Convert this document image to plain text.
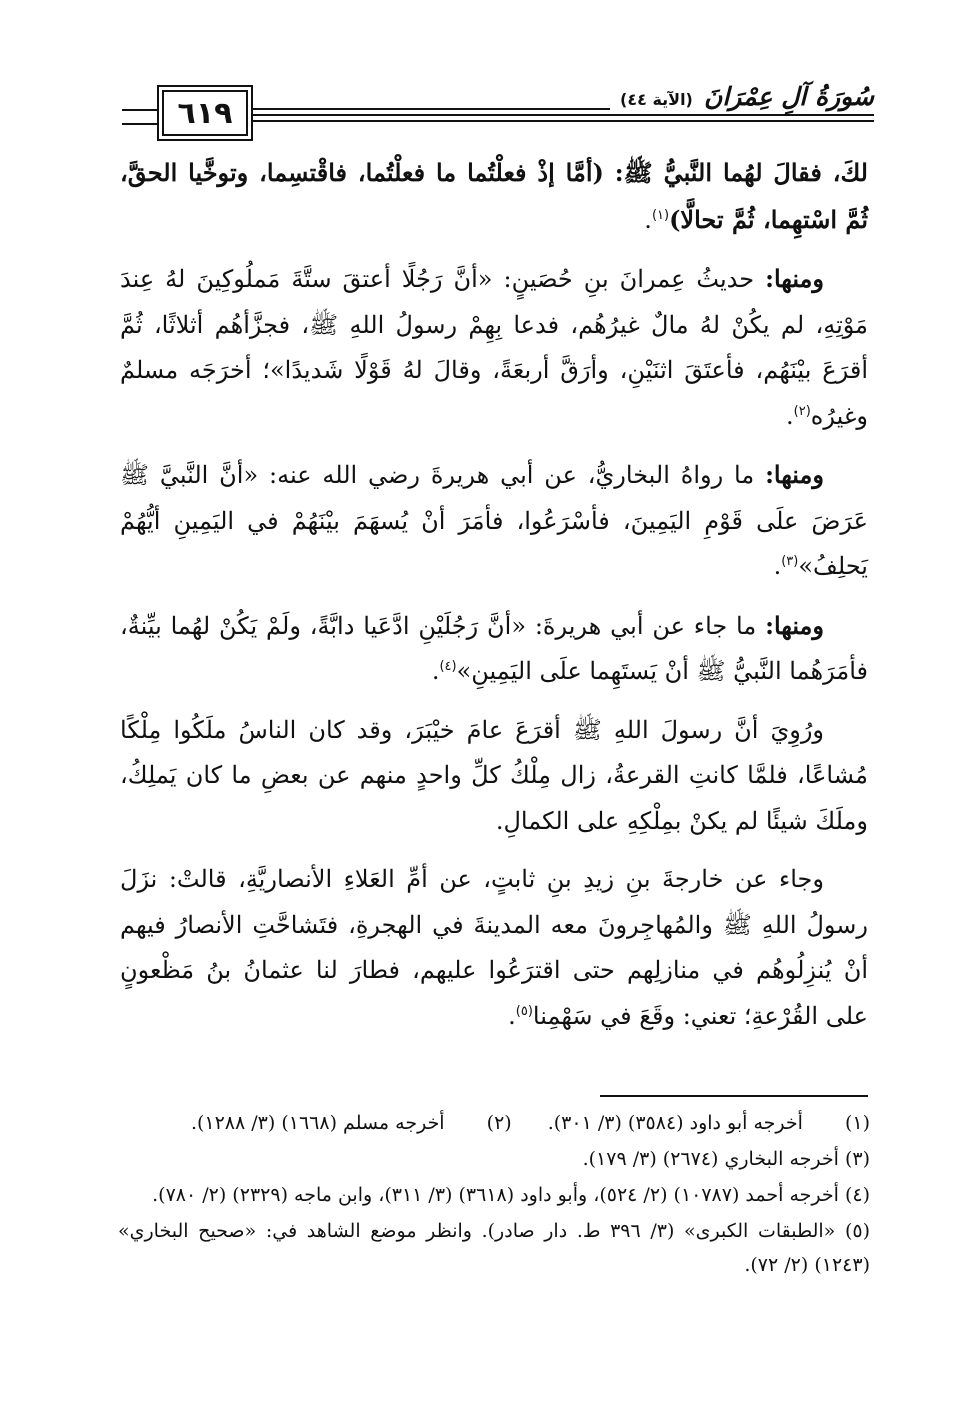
٦١٩	سُورَةُ آلِ عِمْرَانَ (الآية ٤٤)

لكَ، فقالَ لهُما النَّبيُّ ﷺ: (أمَّا إذْ فعلْتُما ما فعلْتُما، فاقْتسِما، وتوخَّيا الحقَّ، ثُمَّ اسْتهِما، ثُمَّ تحالَّا)$^{(١)}$.

ومنها: حديثُ عِمرانَ بنِ حُصَينٍ: «أنَّ رَجُلًا أعتقَ ستَّةَ مَملُوكِينَ لهُ عِندَ مَوْتِهِ، لم يكُنْ لهُ مالٌ غيرُهُم، فدعا بِهِمْ رسولُ اللهِ ﷺ، فجزَّأهُم أثلاثًا، ثُمَّ أقرَعَ بيْنَهُم، فأعتَقَ اثنَيْنِ، وأرَقَّ أربعَةً، وقالَ لهُ قَوْلًا شَديدًا»؛ أخرَجَه مسلمٌ وغيرُه$^{(٢)}$.

ومنها: ما رواهُ البخاريُّ، عن أبي هريرةَ رضي الله عنه: «أنَّ النَّبيَّ ﷺ عَرَضَ علَى قَوْمِ اليَمِينَ، فأسْرَعُوا، فأمَرَ أنْ يُسهَمَ بيْنَهُمْ في اليَمِينِ أيُّهُمْ يَحلِفُ»$^{(٣)}$.

ومنها: ما جاء عن أبي هريرةَ: «أنَّ رَجُلَيْنِ ادَّعَيا دابَّةً، ولَمْ يَكُنْ لهُما بيِّنةٌ، فأمَرَهُما النَّبيُّ ﷺ أنْ يَستَهِما علَى اليَمِينِ»$^{(٤)}$.

ورُوِيَ أنَّ رسولَ اللهِ ﷺ أقرَعَ عامَ خيْبَرَ، وقد كان الناسُ ملَكُوا مِلْكًا مُشاعًا، فلمَّا كانتِ القرعةُ، زال مِلْكُ كلِّ واحدٍ منهم عن بعضِ ما كان يَملِكُ، وملَكَ شيئًا لم يكنْ بمِلْكِهِ على الكمالِ.

وجاء عن خارجةَ بنِ زيدِ بنِ ثابتٍ، عن أمِّ العَلاءِ الأنصاريَّةِ، قالتْ: نزَلَ رسولُ اللهِ ﷺ والمُهاجِرونَ معه المدينةَ في الهجرةِ، فتَشاحَّتِ الأنصارُ فيهم أنْ يُنزِلُوهُم في منازلِهم حتى اقترَعُوا عليهم، فطارَ لنا عثمانُ بنُ مَظْعونٍ على القُرْعةِ؛ تعني: وقَعَ في سَهْمِنا$^{(٥)}$.

(١) أخرجه أبو داود (٣٥٨٤) (٣/ ٣٠١).
(٢) أخرجه مسلم (١٦٦٨) (٣/ ١٢٨٨).

(٣) أخرجه البخاري (٢٦٧٤) (٣/ ١٧٩).

(٤) أخرجه أحمد (١٠٧٨٧) (٢/ ٥٢٤)، وأبو داود (٣٦١٨) (٣/ ٣١١)، وابن ماجه (٢٣٢٩) (٢/ ٧٨٠).

(٥) «الطبقات الكبرى» (٣/ ٣٩٦ ط. دار صادر). وانظر موضع الشاهد في: «صحيح البخاري» (١٢٤٣) (٢/ ٧٢).
